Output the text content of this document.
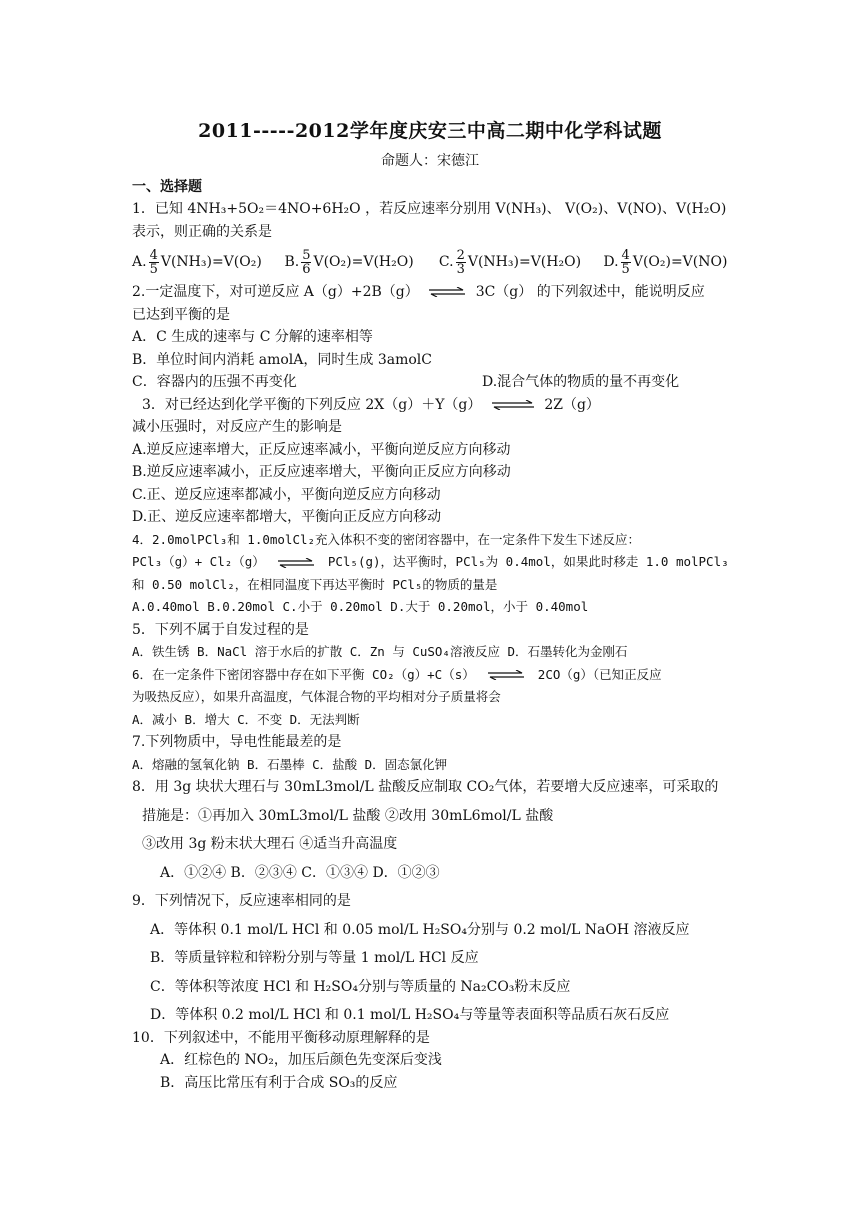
2011-----2012学年度庆安三中高二期中化学科试题
命题人：宋德江
一、选择题
1．已知 4NH₃+5O₂＝4NO+6H₂O ，若反应速率分别用 V(NH₃)、 V(O₂)、V(NO)、V(H₂O)
表示，则正确的关系是
A. $\frac{4}{5} V(NH_3)=V(O_2)$ B. $\frac{5}{6} V(O_2)=V(H_2O)$ C. $\frac{2}{3} V(NH_3)=V(H_2O)$ D. $\frac{4}{5} V(O_2)=V(NO)$
2.一定温度下，对可逆反应 A（g）+2B（g） ⇌ 3C（g） 的下列叙述中，能说明反应
已达到平衡的是
A．C 生成的速率与 C 分解的速率相等
B．单位时间内消耗 amolA，同时生成 3amolC
C．容器内的压强不再变化	D.混合气体的物质的量不再变化
3．对已经达到化学平衡的下列反应 2X（g）＋Y（g） ⇌ 2Z（g）
减小压强时，对反应产生的影响是
A.逆反应速率增大，正反应速率减小，平衡向逆反应方向移动
B.逆反应速率减小，正反应速率增大，平衡向正反应方向移动
C.正、逆反应速率都减小，平衡向逆反应方向移动
D.正、逆反应速率都增大，平衡向正反应方向移动
4．2.0molPCl₃和 1.0molCl₂充入体积不变的密闭容器中，在一定条件下发生下述反应：
PCl₃（g）+ Cl₂（g） ⇌ PCl₅(g)，达平衡时，PCl₅为 0.4mol，如果此时移走 1.0 molPCl₃
和 0.50 molCl₂，在相同温度下再达平衡时 PCl₅的物质的量是
A.0.40mol B.0.20mol C.小于 0.20mol D.大于 0.20mol，小于 0.40mol
5．下列不属于自发过程的是
A．铁生锈 B．NaCl 溶于水后的扩散 C．Zn 与 CuSO₄溶液反应 D．石墨转化为金刚石
6．在一定条件下密闭容器中存在如下平衡 CO₂（g）+C（s） ⇌ 2CO（g）（已知正反应
为吸热反应），如果升高温度，气体混合物的平均相对分子质量将会
A．减小 B．增大 C．不变 D．无法判断
7.下列物质中，导电性能最差的是
A．熔融的氢氧化钠 B．石墨棒 C．盐酸 D．固态氯化钾
8．用 3g 块状大理石与 30mL3mol/L 盐酸反应制取 CO₂气体，若要增大反应速率，可采取的
措施是：①再加入 30mL3mol/L 盐酸 ②改用 30mL6mol/L 盐酸
③改用 3g 粉末状大理石 ④适当升高温度
A．①②④ B．②③④ C．①③④ D．①②③
9．下列情况下，反应速率相同的是
A．等体积 0.1 mol/L HCl 和 0.05 mol/L H₂SO₄分别与 0.2 mol/L NaOH 溶液反应
B．等质量锌粒和锌粉分别与等量 1 mol/L HCl 反应
C．等体积等浓度 HCl 和 H₂SO₄分别与等质量的 Na₂CO₃粉末反应
D．等体积 0.2 mol/L HCl 和 0.1 mol/L H₂SO₄与等量等表面积等品质石灰石反应
10．下列叙述中，不能用平衡移动原理解释的是
A．红棕色的 NO₂，加压后颜色先变深后变浅
B．高压比常压有利于合成 SO₃的反应
